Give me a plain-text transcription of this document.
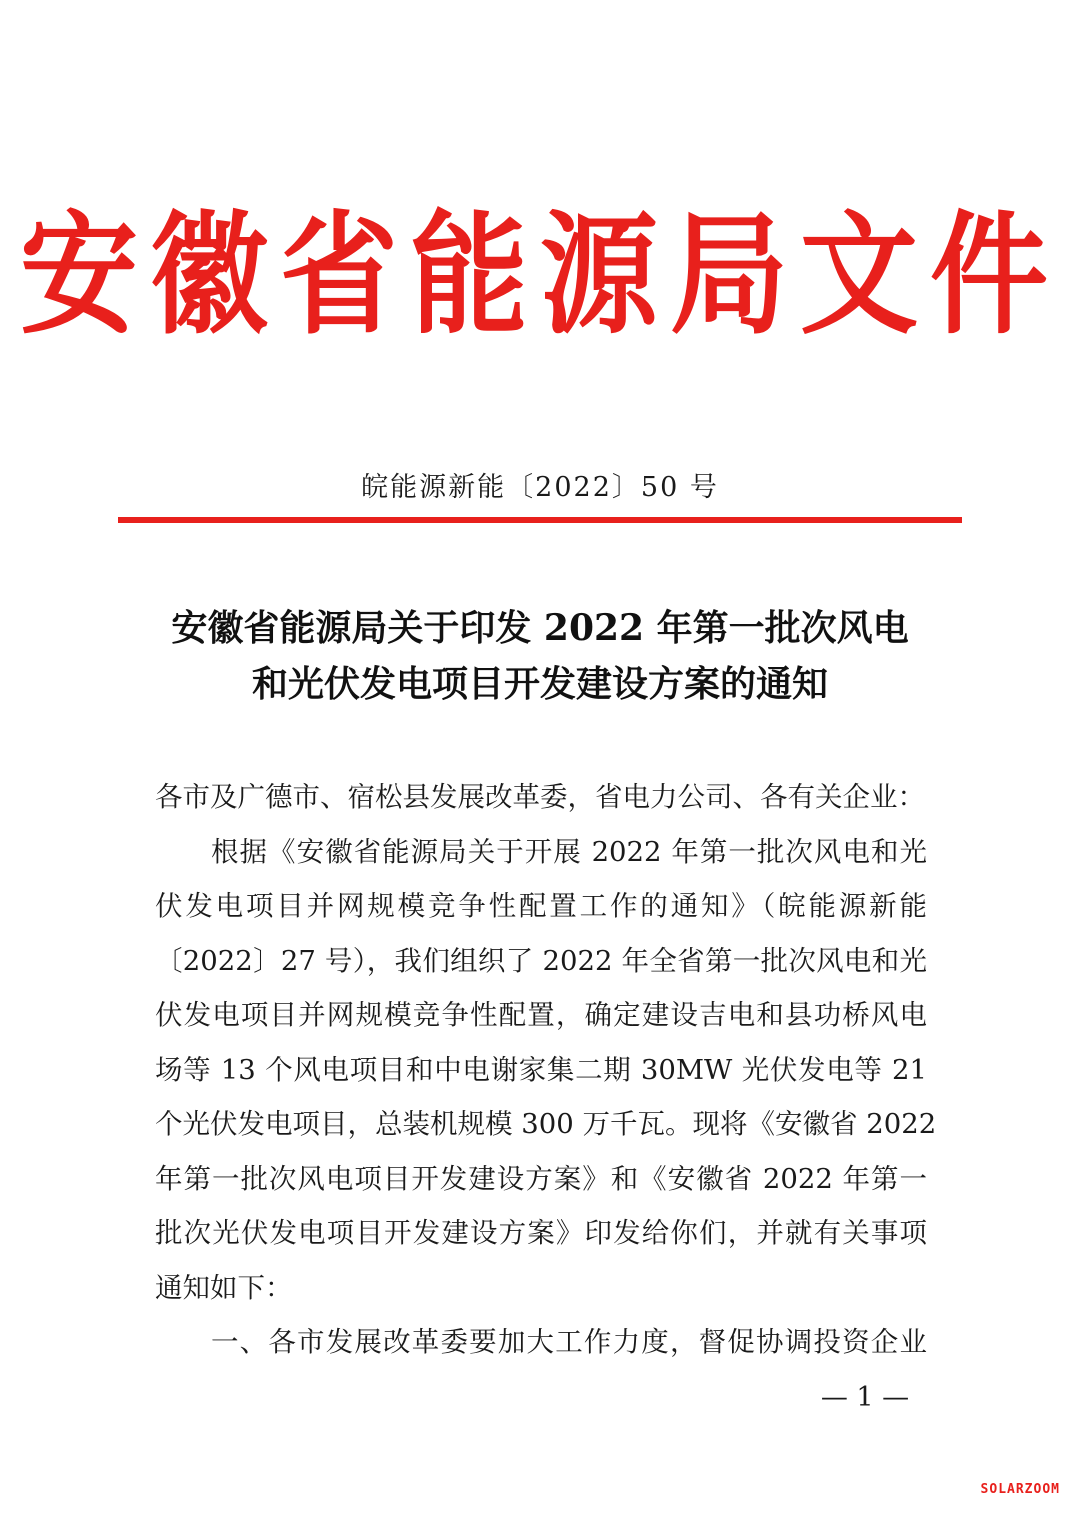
安徽省能源局文件
皖能源新能〔2022〕50 号
安徽省能源局关于印发 2022 年第一批次风电
和光伏发电项目开发建设方案的通知
各市及广德市、宿松县发展改革委，省电力公司、各有关企业：
根据《安徽省能源局关于开展 2022 年第一批次风电和光
伏发电项目并网规模竞争性配置工作的通知》（皖能源新能
〔2022〕27 号），我们组织了 2022 年全省第一批次风电和光
伏发电项目并网规模竞争性配置，确定建设吉电和县功桥风电
场等 13 个风电项目和中电谢家集二期 30MW 光伏发电等 21
个光伏发电项目，总装机规模 300 万千瓦。现将《安徽省 2022
年第一批次风电项目开发建设方案》和《安徽省 2022 年第一
批次光伏发电项目开发建设方案》印发给你们，并就有关事项
通知如下：
一、各市发展改革委要加大工作力度，督促协调投资企业
— 1 —
SOLARZOOM
